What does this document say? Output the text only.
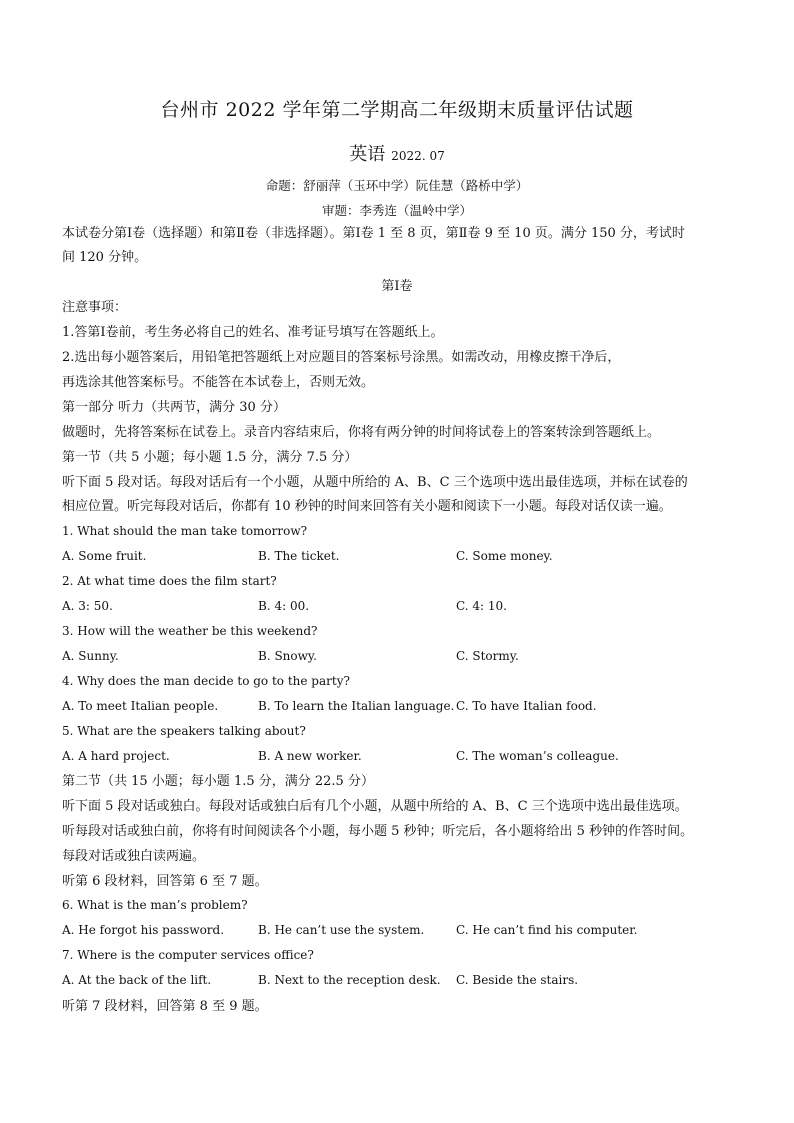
台州市 2022 学年第二学期高二年级期末质量评估试题
英语 2022. 07
命题：舒丽萍（玉环中学）阮佳慧（路桥中学）
审题：李秀连（温岭中学）
本试卷分第Ⅰ卷（选择题）和第Ⅱ卷（非选择题）。第Ⅰ卷 1 至 8 页，第Ⅱ卷 9 至 10 页。满分 150 分，考试时
间 120 分钟。
第Ⅰ卷
注意事项：
1.答第Ⅰ卷前，考生务必将自己的姓名、准考证号填写在答题纸上。
2.选出每小题答案后，用铅笔把答题纸上对应题目的答案标号涂黑。如需改动，用橡皮擦干净后，
再选涂其他答案标号。不能答在本试卷上，否则无效。
第一部分 听力（共两节，满分 30 分）
做题时，先将答案标在试卷上。录音内容结束后，你将有两分钟的时间将试卷上的答案转涂到答题纸上。
第一节（共 5 小题；每小题 1.5 分，满分 7.5 分）
听下面 5 段对话。每段对话后有一个小题，从题中所给的 A、B、C 三个选项中选出最佳选项，并标在试卷的
相应位置。听完每段对话后，你都有 10 秒钟的时间来回答有关小题和阅读下一小题。每段对话仅读一遍。
1. What should the man take tomorrow?
A. Some fruit.	B. The ticket.	C. Some money.
2. At what time does the film start?
A. 3: 50.	B. 4: 00.	C. 4: 10.
3. How will the weather be this weekend?
A. Sunny.	B. Snowy.	C. Stormy.
4. Why does the man decide to go to the party?
A. To meet Italian people.	B. To learn the Italian language. C. To have Italian food.
5. What are the speakers talking about?
A. A hard project.	B. A new worker.	C. The woman’s colleague.
第二节（共 15 小题；每小题 1.5 分，满分 22.5 分）
听下面 5 段对话或独白。每段对话或独白后有几个小题，从题中所给的 A、B、C 三个选项中选出最佳选项。
听每段对话或独白前，你将有时间阅读各个小题，每小题 5 秒钟；听完后，各小题将给出 5 秒钟的作答时间。
每段对话或独白读两遍。
听第 6 段材料，回答第 6 至 7 题。
6. What is the man’s problem?
A. He forgot his password.	B. He can’t use the system.	C. He can’t find his computer.
7. Where is the computer services office?
A. At the back of the lift.	B. Next to the reception desk. C. Beside the stairs.
听第 7 段材料，回答第 8 至 9 题。
